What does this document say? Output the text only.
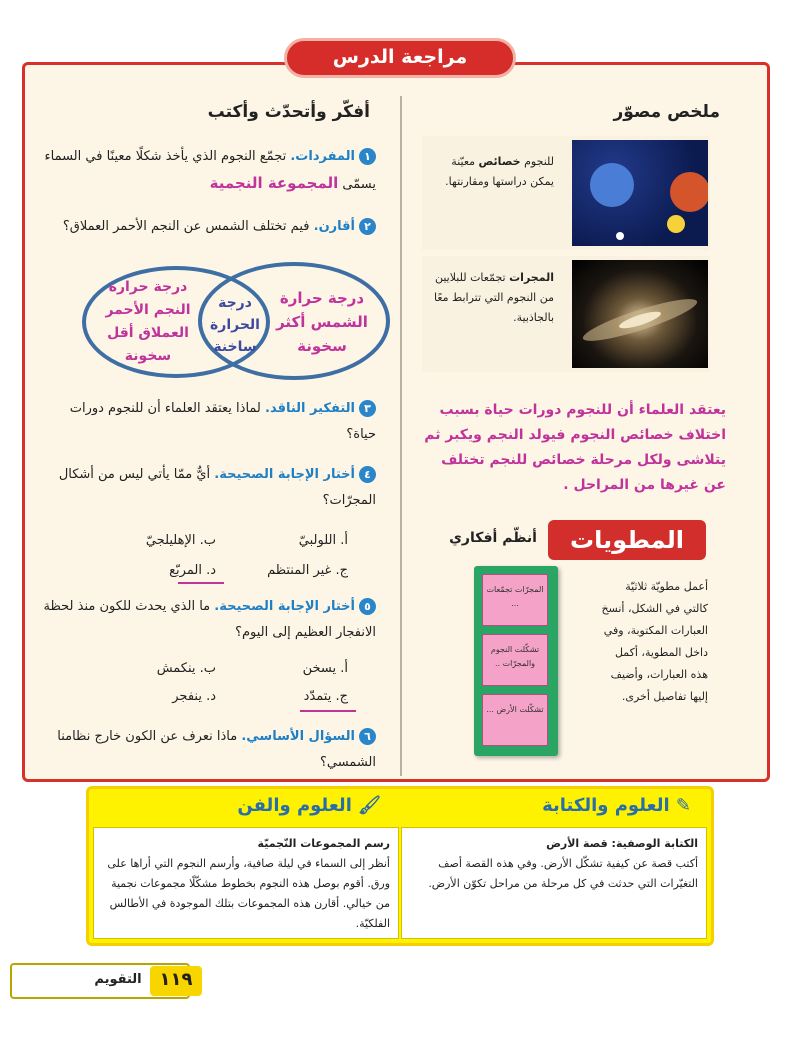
مراجعة الدرس
ملخص مصوّر
للنجوم خصائص معيّنة يمكن دراستها ومقارنتها.
المجرات تجمّعات للبلايين من النجوم التي تترابط معًا بالجاذبية.
يعتقد العلماء أن للنجوم دورات حياة بسبب اختلاف خصائص النجوم فيولد النجم ويكبر ثم يتلاشى ولكل مرحلة خصائص للنجم تختلف عن غيرها من المراحل .
المطويات
أنظّم أفكاري
أعمل مطويّة ثلاثيّة كالتي في الشكل، أنسخ العبارات المكتوبة، وفي داخل المطوية، أكمل هذه العبارات، وأضيف إليها تفاصيل أخرى.
المجرّات تجمّعات ...
تشكّلت النجوم والمجرّات ..
تشكّلت الأرض ...
أفكّر وأتحدّث وأكتب
١المفردات. تجمّع النجوم الذي يأخذ شكلًا معينًا في السماء يسمّى المجموعة النجمية
٢أقارن. فيم تختلف الشمس عن النجم الأحمر العملاق؟
درجة حرارة الشمس أكثر سخونة
درجة الحرارة ساخنة
درجة حرارة النجم الأحمر العملاق أقل سخونة
٣التفكير الناقد. لماذا يعتقد العلماء أن للنجوم دورات حياة؟
٤أختار الإجابة الصحيحة. أيٌّ ممّا يأتي ليس من أشكال المجرّات؟
أ. اللولبيّ
ب. الإهليلجيّ
ج. غير المنتظم
د. المربّع
٥أختار الإجابة الصحيحة. ما الذي يحدث للكون منذ لحظة الانفجار العظيم إلى اليوم؟
أ. يسخن
ب. ينكمش
ج. يتمدّد
د. ينفجر
٦السؤال الأساسي. ماذا نعرف عن الكون خارج نظامنا الشمسي؟
✎ العلوم والكتابة
🖌 العلوم والفن
الكتابة الوصفية: قصة الأرض
أكتب قصة عن كيفية تشكّل الأرض. وفي هذه القصة أصف التغيّرات التي حدثت في كل مرحلة من مراحل تكوّن الأرض.
رسم المجموعات النّجميّة
أنظر إلى السماء في ليلة صافية، وأرسم النجوم التي أراها على ورق. أقوم بوصل هذه النجوم بخطوط مشكّلًا مجموعات نجمية من خيالي. أقارن هذه المجموعات بتلك الموجودة في الأطالس الفلكيّة.
١١٩
التقويم
